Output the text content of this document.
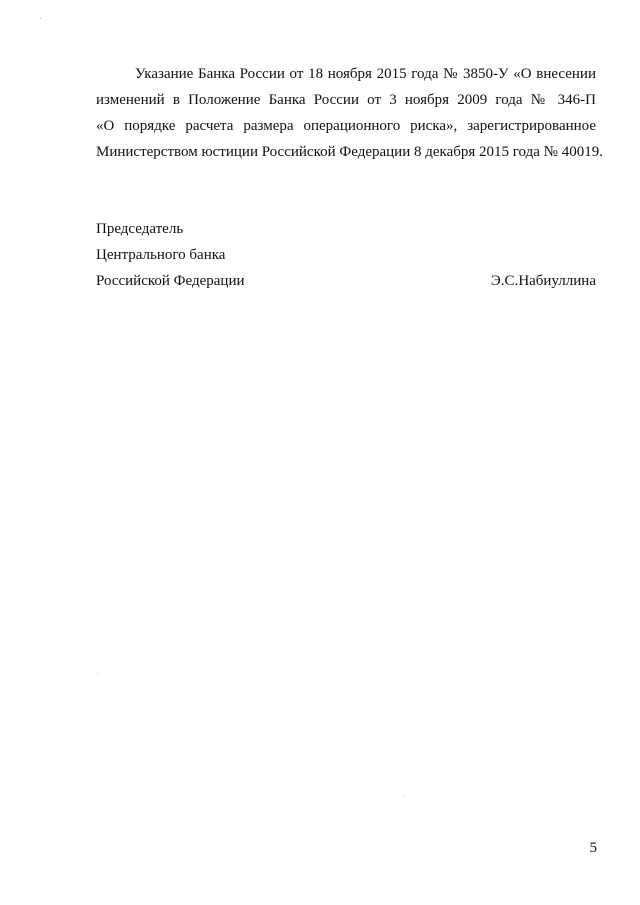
Указание Банка России от 18 ноября 2015 года № 3850-У «О внесении
изменений в Положение Банка России от 3 ноября 2009 года № 346-П
«О порядке расчета размера операционного риска», зарегистрированное
Министерством юстиции Российской Федерации 8 декабря 2015 года № 40019.

Председатель

Центрального банка

Российской Федерации	Э.С.Набиуллина

5
